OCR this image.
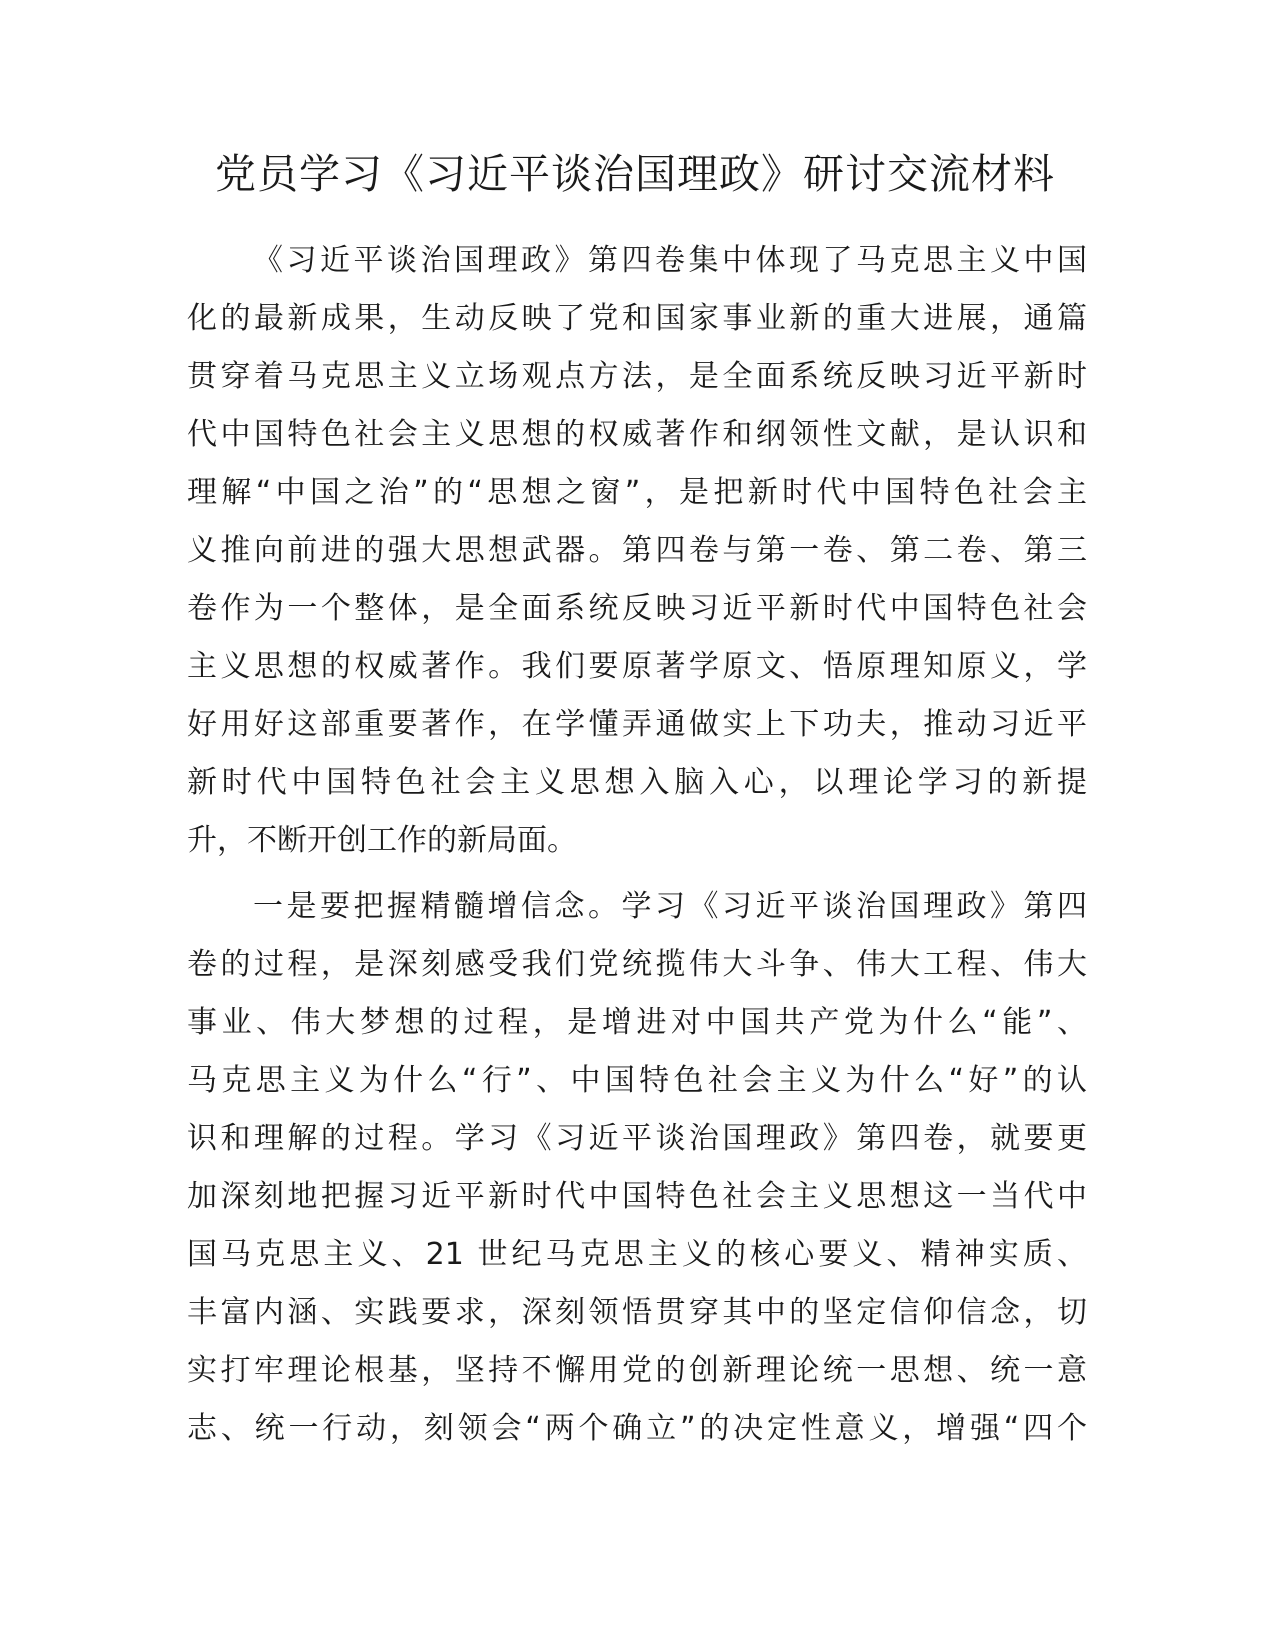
党员学习《习近平谈治国理政》研讨交流材料

《习近平谈治国理政》第四卷集中体现了马克思主义中国
化的最新成果，生动反映了党和国家事业新的重大进展，通篇
贯穿着马克思主义立场观点方法，是全面系统反映习近平新时
代中国特色社会主义思想的权威著作和纲领性文献，是认识和
理解“中国之治”的“思想之窗”，是把新时代中国特色社会主
义推向前进的强大思想武器。第四卷与第一卷、第二卷、第三
卷作为一个整体，是全面系统反映习近平新时代中国特色社会
主义思想的权威著作。我们要原著学原文、悟原理知原义，学
好用好这部重要著作，在学懂弄通做实上下功夫，推动习近平
新时代中国特色社会主义思想入脑入心，以理论学习的新提
升，不断开创工作的新局面。

一是要把握精髓增信念。学习《习近平谈治国理政》第四
卷的过程，是深刻感受我们党统揽伟大斗争、伟大工程、伟大
事业、伟大梦想的过程，是增进对中国共产党为什么“能”、
马克思主义为什么“行”、中国特色社会主义为什么“好”的认
识和理解的过程。学习《习近平谈治国理政》第四卷，就要更
加深刻地把握习近平新时代中国特色社会主义思想这一当代中
国马克思主义、21 世纪马克思主义的核心要义、精神实质、
丰富内涵、实践要求，深刻领悟贯穿其中的坚定信仰信念，切
实打牢理论根基，坚持不懈用党的创新理论统一思想、统一意
志、统一行动，刻领会“两个确立”的决定性意义，增强“四个
